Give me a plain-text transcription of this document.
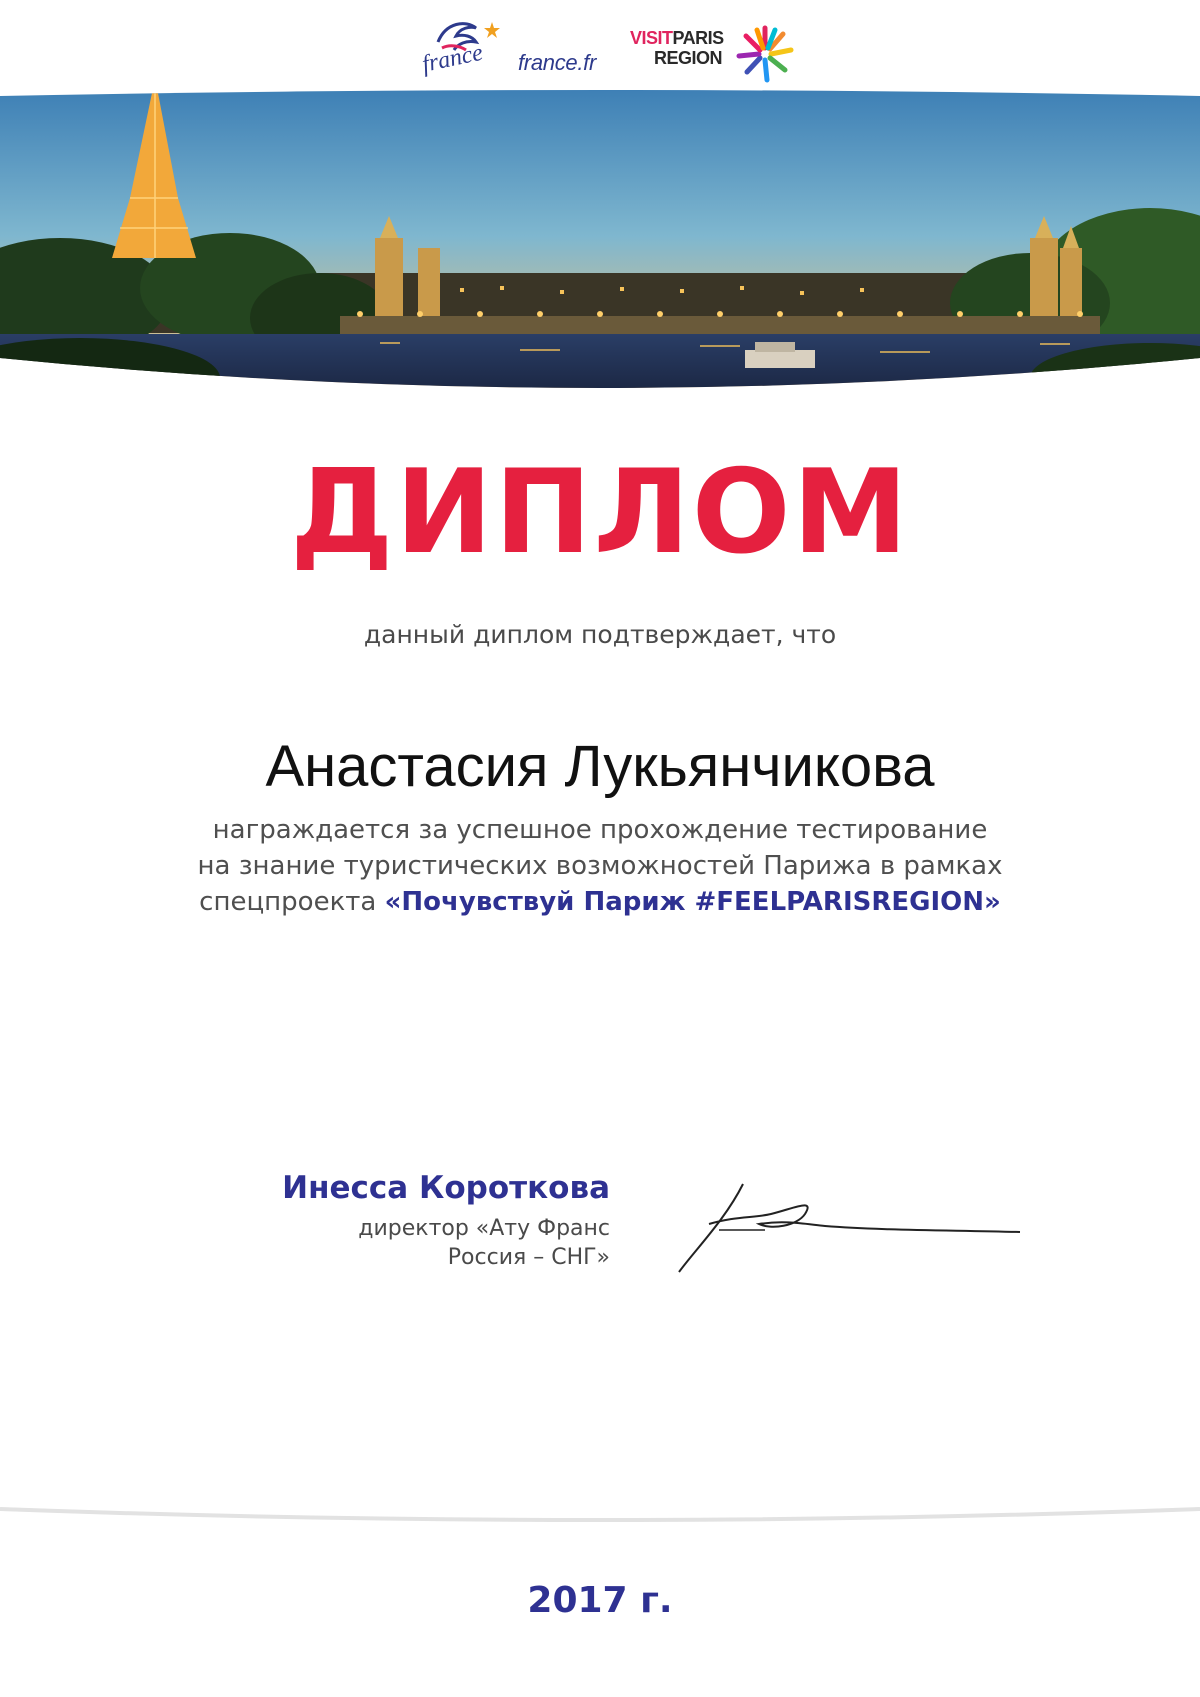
france france.fr
VISITPARIS
REGION
ДИПЛОМ
данный диплом подтверждает, что
Анастасия Лукьянчикова
награждается за успешное прохождение тестирование
на знание туристических возможностей Парижа в рамках
спецпроекта «Почувствуй Париж #FEELPARISREGION»
Инесса Короткова
директор «Ату Франс
Россия – СНГ»
2017 г.
